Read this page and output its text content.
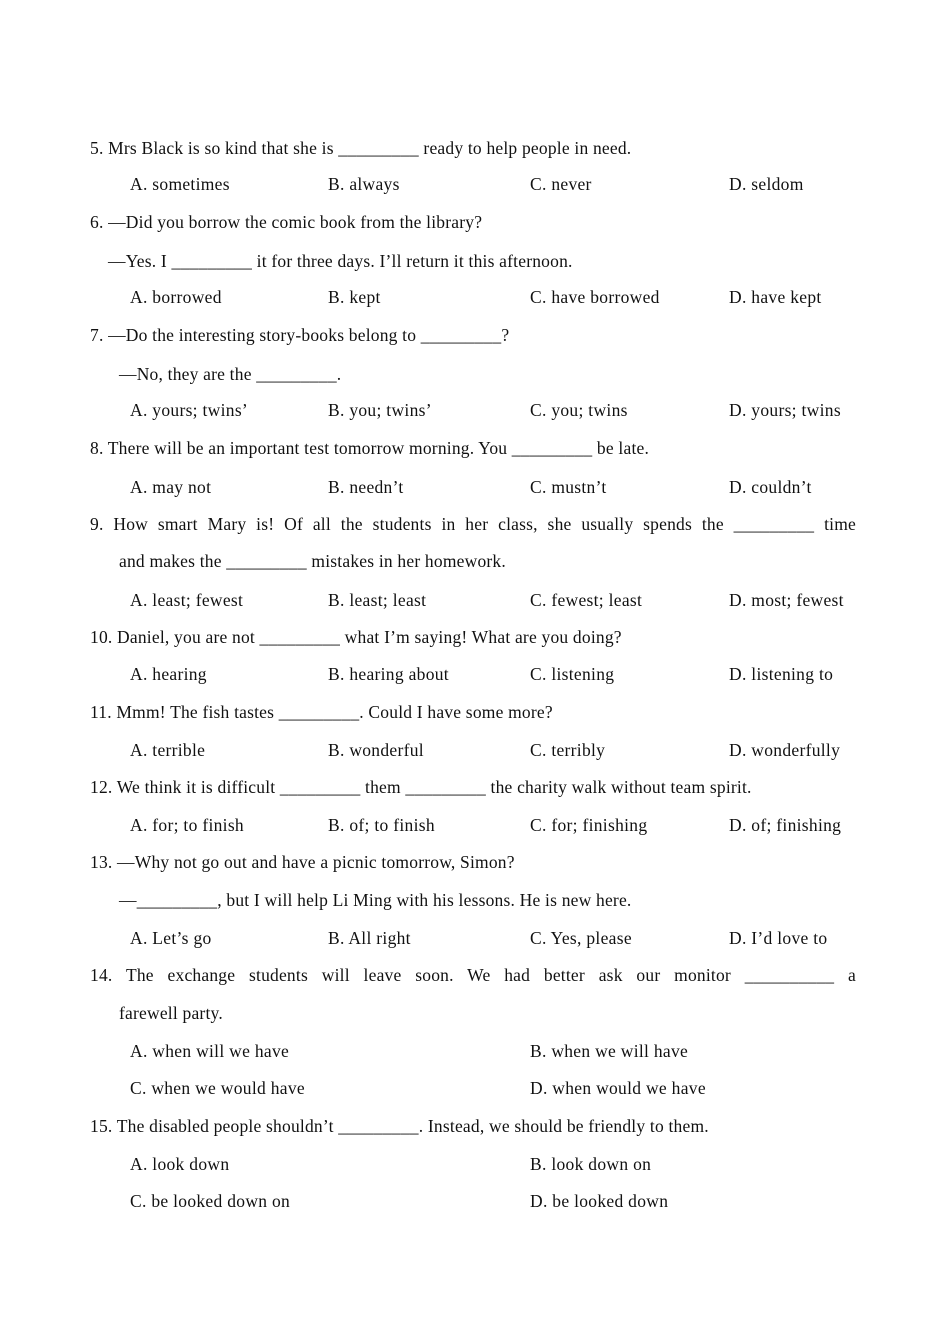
5. Mrs Black is so kind that she is _________ ready to help people in need.
A. sometimes	B. always	C. never	D. seldom
6. —Did you borrow the comic book from the library?
—Yes. I _________ it for three days. I’ll return it this afternoon.
A. borrowed	B. kept	C. have borrowed	D. have kept
7. —Do the interesting story-books belong to _________?
—No, they are the _________.
A. yours; twins’	B. you; twins’	C. you; twins	D. yours; twins
8. There will be an important test tomorrow morning. You _________ be late.
A. may not	B. needn’t	C. mustn’t	D. couldn’t
9. How smart Mary is! Of all the students in her class, she usually spends the _________ time
and makes the _________ mistakes in her homework.
A. least; fewest	B. least; least	C. fewest; least	D. most; fewest
10. Daniel, you are not _________ what I’m saying! What are you doing?
A. hearing	B. hearing about	C. listening	D. listening to
11. Mmm! The fish tastes _________. Could I have some more?
A. terrible	B. wonderful	C. terribly	D. wonderfully
12. We think it is difficult _________ them _________ the charity walk without team spirit.
A. for; to finish	B. of; to finish	C. for; finishing	D. of; finishing
13. —Why not go out and have a picnic tomorrow, Simon?
—_________, but I will help Li Ming with his lessons. He is new here.
A. Let’s go	B. All right	C. Yes, please	D. I’d love to
14. The exchange students will leave soon. We had better ask our monitor __________ a
farewell party.
A. when will we have	B. when we will have
C. when we would have	D. when would we have
15. The disabled people shouldn’t _________. Instead, we should be friendly to them.
A. look down	B. look down on
C. be looked down on	D. be looked down
